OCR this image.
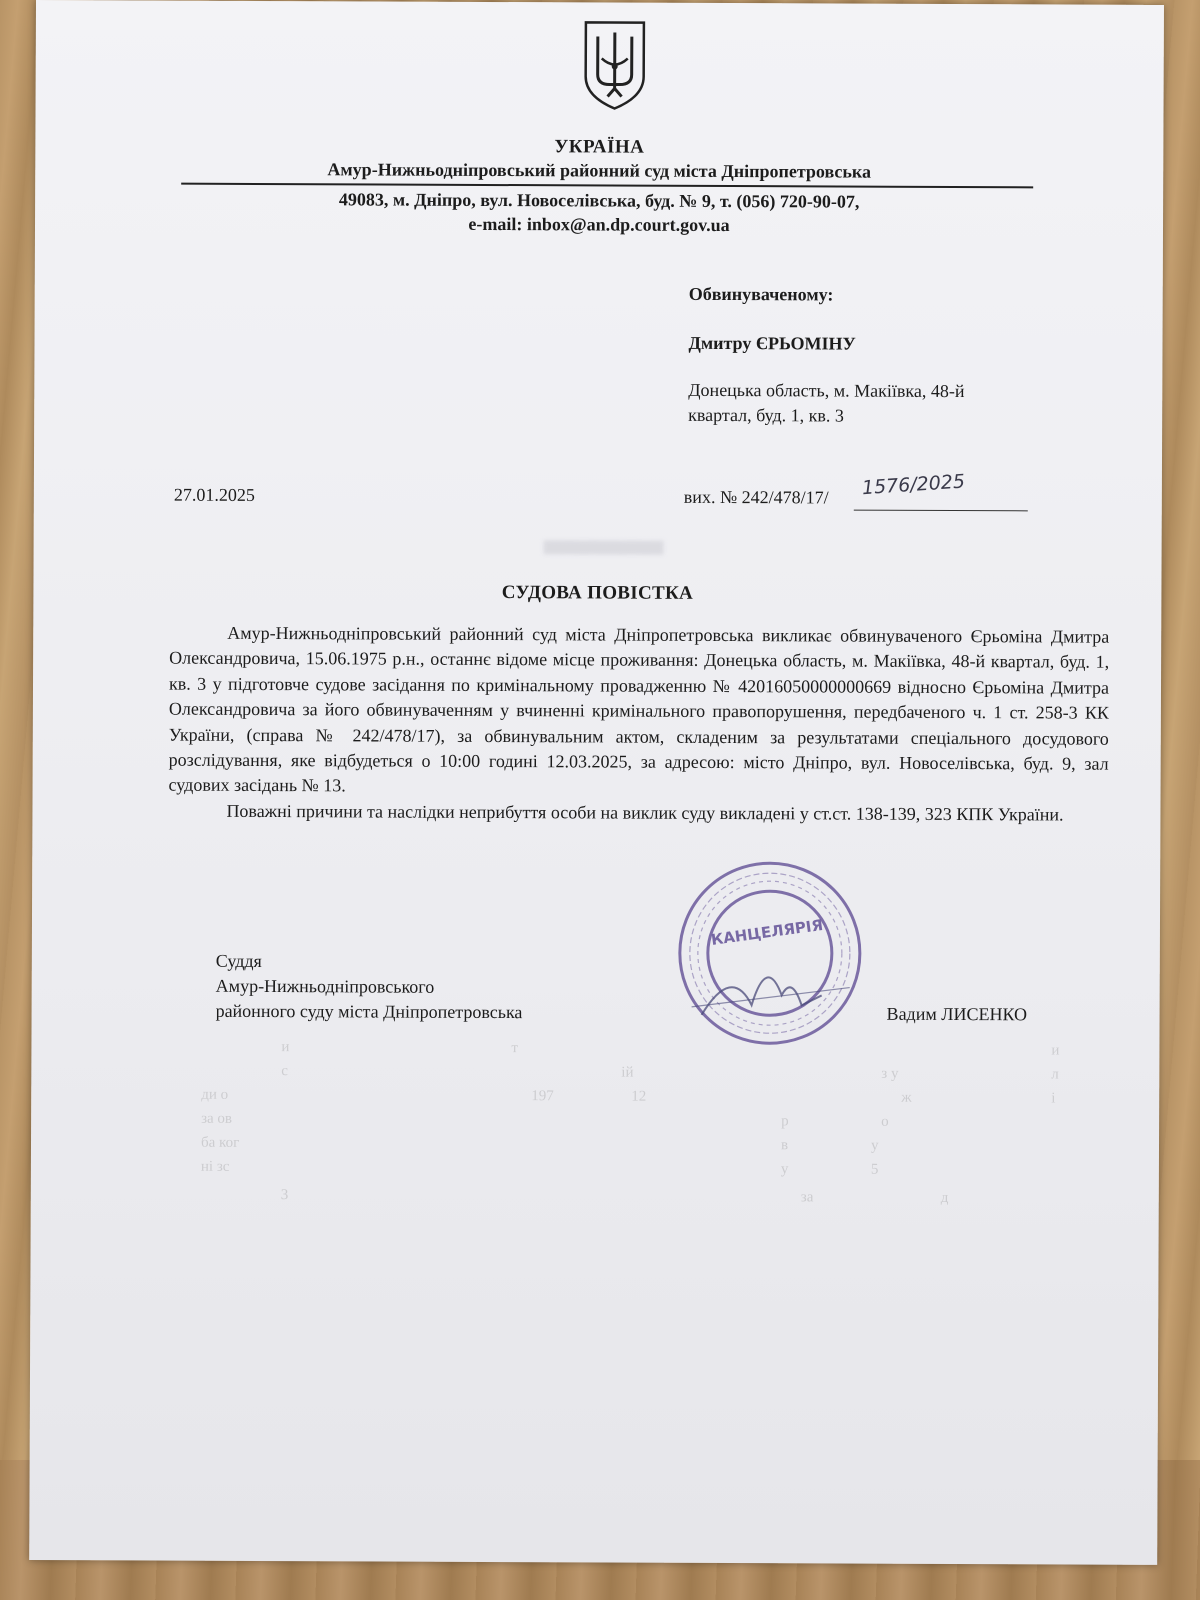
УКРАЇНА
Амур-Нижньодніпровський районний суд міста Дніпропетровська
49083, м. Дніпро, вул. Новоселівська, буд. № 9, т. (056) 720-90-07,
e-mail: inbox@an.dp.court.gov.ua
Обвинуваченому:
Дмитру ЄРЬОМІНУ
Донецька область, м. Макіївка, 48-й
квартал, буд. 1, кв. 3
27.01.2025	вих. № 242/478/17/ 1576/2025
СУДОВА ПОВІСТКА

Амур-Нижньодніпровський районний суд міста Дніпропетровська викликає обвинуваченого Єрьоміна Дмитра Олександровича, 15.06.1975 р.н., останнє відоме місце проживання: Донецька область, м. Макіївка, 48-й квартал, буд. 1, кв. 3 у підготовче судове засідання по кримінальному провадженню № 42016050000000669 відносно Єрьоміна Дмитра Олександровича за його обвинуваченням у вчиненні кримінального правопорушення, передбаченого ч. 1 ст. 258-3 КК України, (справа № 242/478/17), за обвинувальним актом, складеним за результатами спеціального досудового розслідування, яке відбудеться о 10:00 годині 12.03.2025, за адресою: місто Дніпро, вул. Новоселівська, буд. 9, зал судових засідань № 13.

Поважні причини та наслідки неприбуття особи на виклик суду викладені у ст.ст. 138-139, 323 КПК України.

Суддя
Амур-Нижньодніпровського
районного суду міста Дніпропетровська	Вадим ЛИСЕНКО
КАНЦЕЛЯРІЯ
и	т	и
с	ій	з у	л
ди о	197	12	ж	і
за ов	р	о
ба ког	в	у
ні зс	у	5
3	за	д
